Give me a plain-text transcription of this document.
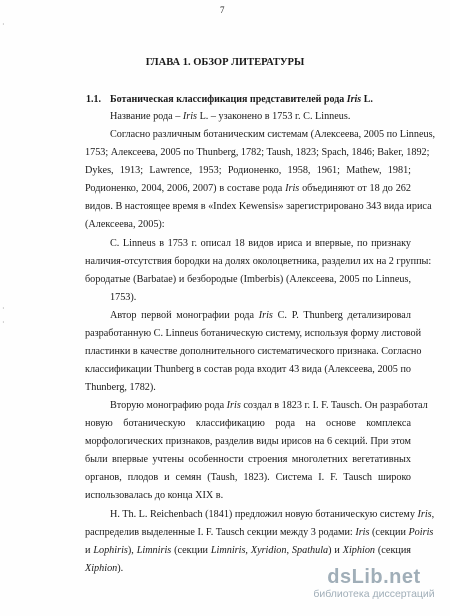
7
ГЛАВА 1. ОБЗОР ЛИТЕРАТУРЫ
1.1. Ботаническая классификация представителей рода Iris L.
Название рода – Iris L. – узаконено в 1753 г. С. Linneus.
Согласно различным ботаническим системам (Алексеева, 2005 по Linneus,
1753; Алексеева, 2005 по Thunberg, 1782; Taush, 1823; Spach, 1846; Baker, 1892;
Dykes, 1913; Lawrence, 1953; Родионенко, 1958, 1961; Mathew, 1981;
Родионенко, 2004, 2006, 2007) в составе рода Iris объединяют от 18 до 262
видов. В настоящее время в «Index Kewensis» зарегистрировано 343 вида ириса
(Алексеева, 2005):
С. Linneus в 1753 г. описал 18 видов ириса и впервые, по признаку
наличия-отсутствия бородки на долях околоцветника, разделил их на 2 группы:
бородатые (Barbatae) и безбородые (Imberbis) (Алексеева, 2005 по Linneus,
1753).
Автор первой монографии рода Iris С. P. Thunberg детализировал
разработанную С. Linneus ботаническую систему, используя форму листовой
пластинки в качестве дополнительного систематического признака. Согласно
классификации Thunberg в состав рода входит 43 вида (Алексеева, 2005 по
Thunberg, 1782).
Вторую монографию рода Iris создал в 1823 г. I. F. Tausch. Он разработал
новую ботаническую классификацию рода на основе комплекса
морфологических признаков, разделив виды ирисов на 6 секций. При этом
были впервые учтены особенности строения многолетних вегетативных
органов, плодов и семян (Taush, 1823). Система I. F. Tausch широко
использовалась до конца XIX в.
H. Th. L. Reichenbach (1841) предложил новую ботаническую систему Iris,
распределив выделенные I. F. Tausch секции между 3 родами: Iris (секции Poiris
и Lophiris), Limniris (секции Limniris, Xyridion, Spathula) и Xiphion (секция
Xiphion).
·
·
·
dsLib.net
библиотека диссертаций
